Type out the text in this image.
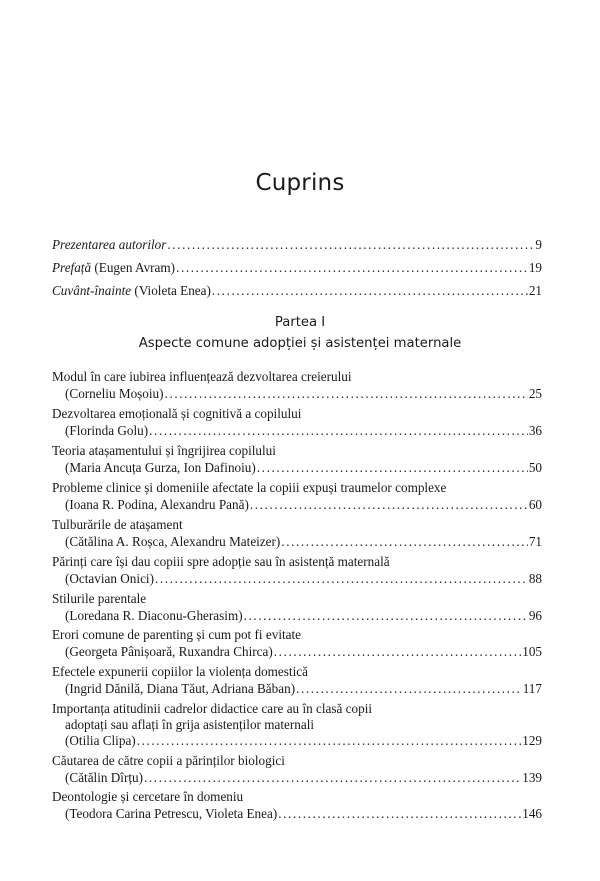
Cuprins
Prezentarea autorilor .....	9
Prefață (Eugen Avram) .....	19
Cuvânt-înainte (Violeta Enea) .....	21
Partea I
Aspecte comune adopției și asistenței maternale
Modul în care iubirea influențează dezvoltarea creierului
(Corneliu Moșoiu) .....	25
Dezvoltarea emoțională și cognitivă a copilului
(Florinda Golu) .....	36
Teoria atașamentului și îngrijirea copilului
(Maria Ancuța Gurza, Ion Dafinoiu) .....	50
Probleme clinice și domeniile afectate la copiii expuși traumelor complexe
(Ioana R. Podina, Alexandru Pană) .....	60
Tulburările de atașament
(Cătălina A. Roșca, Alexandru Mateizer) .....	71
Părinți care își dau copiii spre adopție sau în asistență maternală
(Octavian Onici) .....	88
Stilurile parentale
(Loredana R. Diaconu-Gherasim) .....	96
Erori comune de parenting și cum pot fi evitate
(Georgeta Pânișoară, Ruxandra Chirca) .....	105
Efectele expunerii copiilor la violența domestică
(Ingrid Dănilă, Diana Tăut, Adriana Băban) .....	117
Importanța atitudinii cadrelor didactice care au în clasă copii
adoptați sau aflați în grija asistenților maternali
(Otilia Clipa) .....	129
Căutarea de către copii a părinților biologici
(Cătălin Dîrțu) .....	139
Deontologie și cercetare în domeniu
(Teodora Carina Petrescu, Violeta Enea) .....	146
